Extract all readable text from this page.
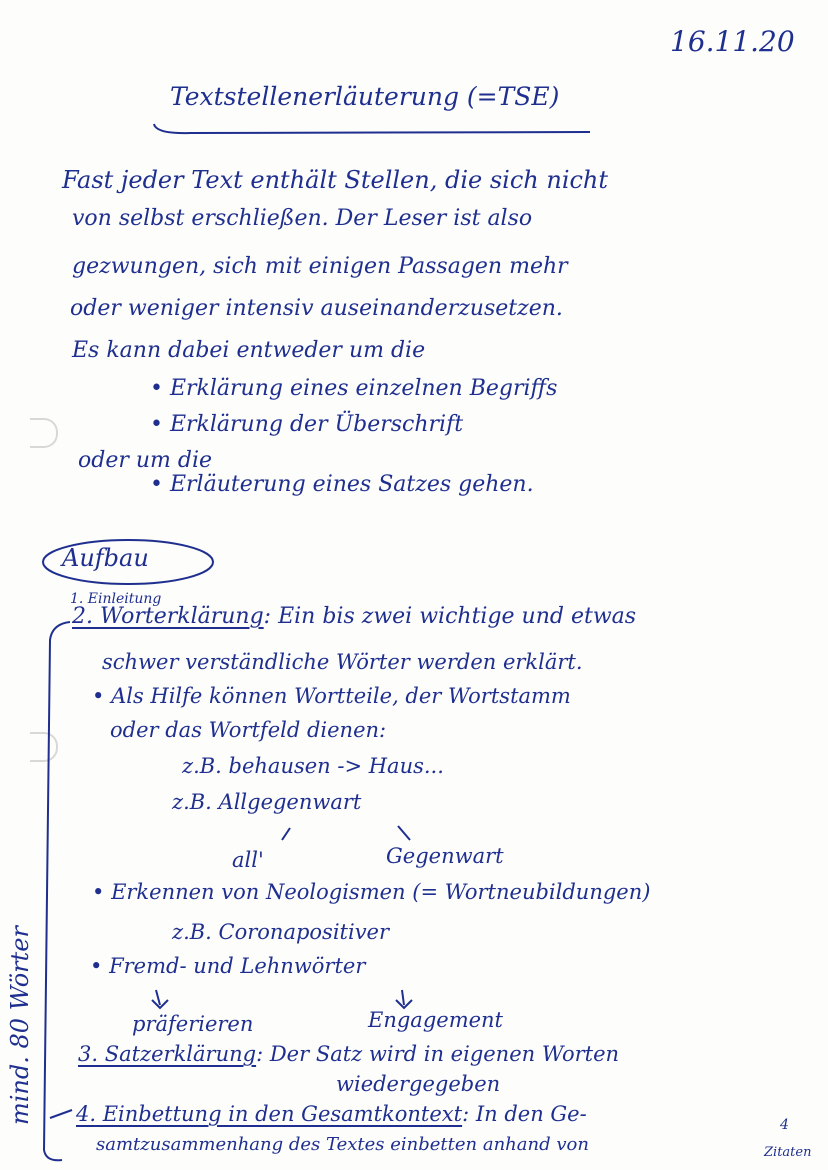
16.11.20
Textstellenerläuterung (=TSE)
Fast jeder Text enthält Stellen, die sich nicht
von selbst erschließen. Der Leser ist also
gezwungen, sich mit einigen Passagen mehr
oder weniger intensiv auseinanderzusetzen.
Es kann dabei entweder um die
• Erklärung eines einzelnen Begriffs
• Erklärung der Überschrift
oder um die
• Erläuterung eines Satzes gehen.
Aufbau
1. Einleitung
2. Worterklärung: Ein bis zwei wichtige und etwas
schwer verständliche Wörter werden erklärt.
• Als Hilfe können Wortteile, der Wortstamm
oder das Wortfeld dienen:
z.B. behausen -> Haus...
z.B. Allgegenwart
all'	Gegenwart
• Erkennen von Neologismen (= Wortneubildungen)
z.B. Coronapositiver
• Fremd- und Lehnwörter
präferieren	Engagement
3. Satzerklärung: Der Satz wird in eigenen Worten
wiedergegeben
4. Einbettung in den Gesamtkontext: In den Ge-
samtzusammenhang des Textes einbetten anhand von
4
Zitaten
mind. 80 Wörter
